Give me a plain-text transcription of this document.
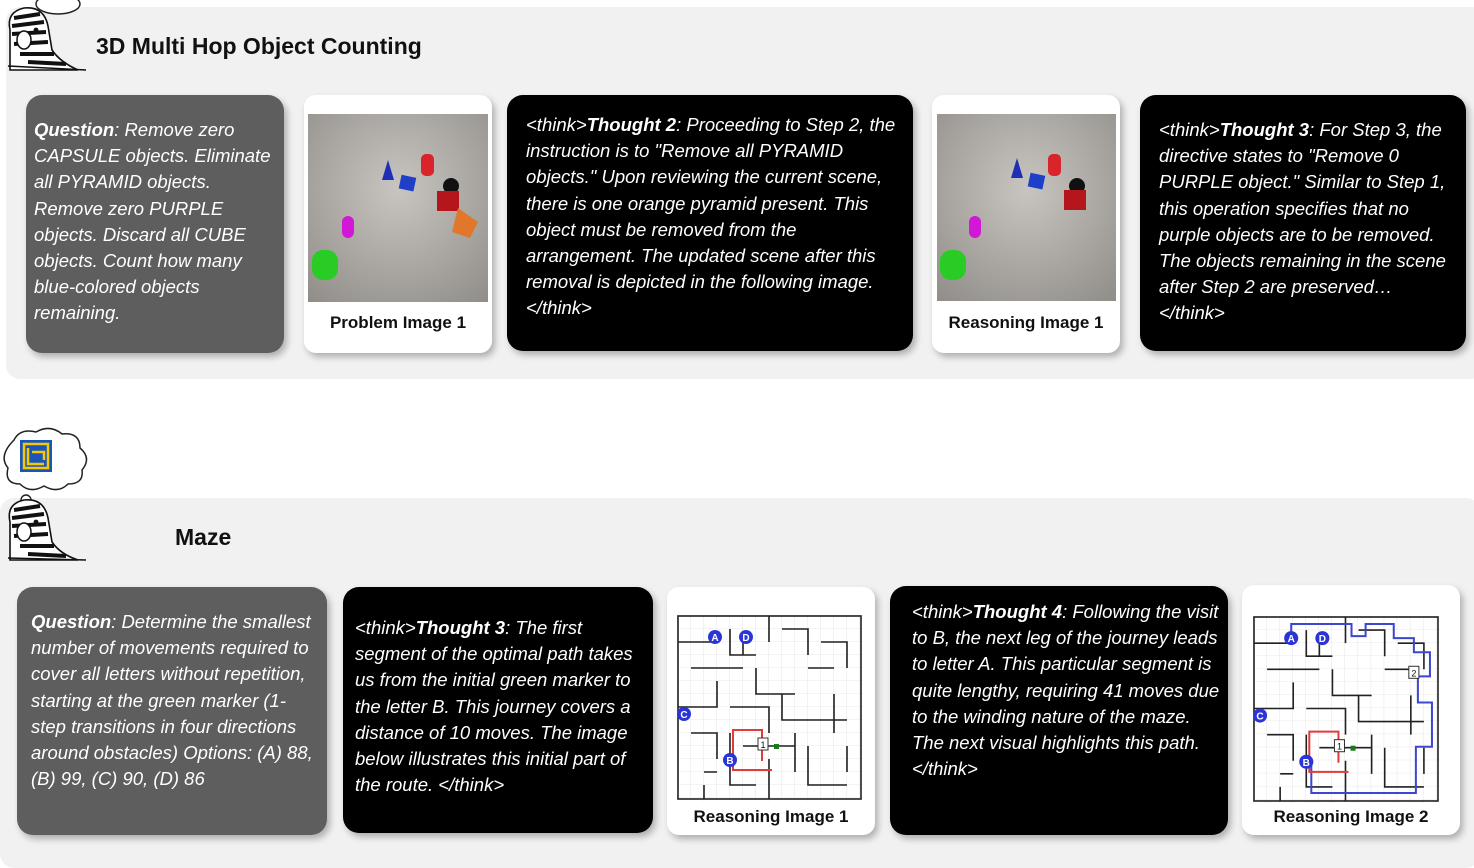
3D Multi Hop Object Counting

Question: Remove zero CAPSULE objects. Eliminate all PYRAMID objects. Remove zero PURPLE objects. Discard all CUBE objects. Count how many blue-colored objects remaining.	Problem Image 1

<think>Thought 2: Proceeding to Step 2, the instruction is to "Remove all PYRAMID objects." Upon reviewing the current scene, there is one orange pyramid present. This object must be removed from the arrangement. The updated scene after this removal is depicted in the following image.</think>

Reasoning Image 1

<think>Thought 3: For Step 3, the directive states to "Remove 0 PURPLE object." Similar to Step 1, this operation specifies that no purple objects are to be removed. The objects remaining in the scene after Step 2 are preserved… </think>

Maze

Question: Determine the smallest number of movements required to cover all letters without repetition, starting at the green marker (1-step transitions in four directions around obstacles) Options: (A) 88, (B) 99, (C) 90, (D) 86

<think>Thought 3: The first segment of the optimal path takes us from the initial green marker to the letter B. This journey covers a distance of 10 moves. The image below illustrates this initial part of the route. </think>

1
A D
C
B
Reasoning Image 1

<think>Thought 4: Following the visit to B, the next leg of the journey leads to letter A. This particular segment is quite lengthy, requiring 41 moves due to the winding nature of the maze. The next visual highlights this path. </think>

1
2
A D
C
B
Reasoning Image 2
